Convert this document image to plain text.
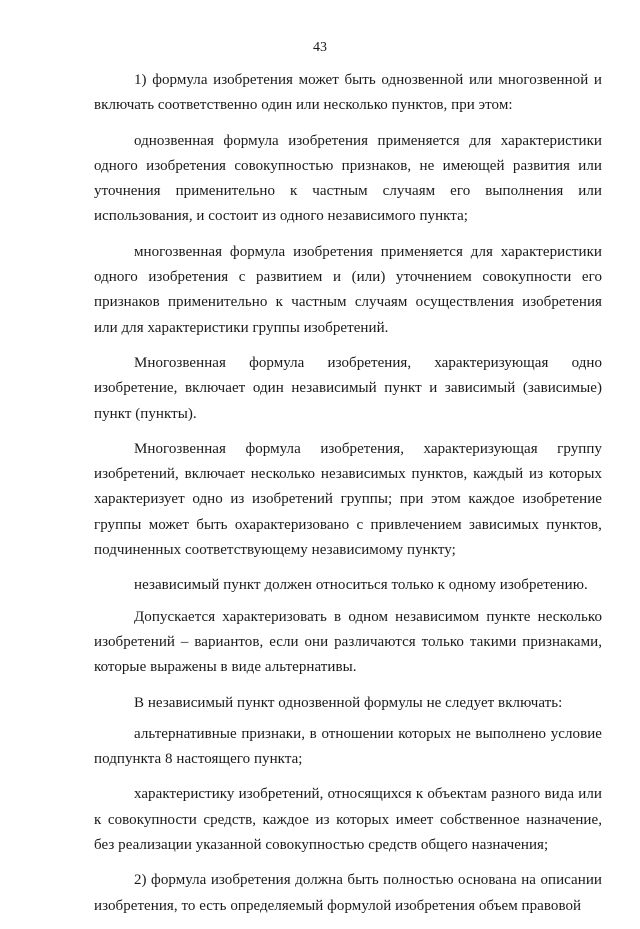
43

1) формула изобретения может быть однозвенной или многозвенной и включать соответственно один или несколько пунктов, при этом:

однозвенная формула изобретения применяется для характеристики одного изобретения совокупностью признаков, не имеющей развития или уточнения применительно к частным случаям его выполнения или использования, и состоит из одного независимого пункта;

многозвенная формула изобретения применяется для характеристики одного изобретения с развитием и (или) уточнением совокупности его признаков применительно к частным случаям осуществления изобретения или для характеристики группы изобретений.

Многозвенная формула изобретения, характеризующая одно изобретение, включает один независимый пункт и зависимый (зависимые) пункт (пункты).

Многозвенная формула изобретения, характеризующая группу изобретений, включает несколько независимых пунктов, каждый из которых характеризует одно из изобретений группы; при этом каждое изобретение группы может быть охарактеризовано с привлечением зависимых пунктов, подчиненных соответствующему независимому пункту;

независимый пункт должен относиться только к одному изобретению.

Допускается характеризовать в одном независимом пункте несколько изобретений – вариантов, если они различаются только такими признаками, которые выражены в виде альтернативы.

В независимый пункт однозвенной формулы не следует включать:

альтернативные признаки, в отношении которых не выполнено условие подпункта 8 настоящего пункта;

характеристику изобретений, относящихся к объектам разного вида или к совокупности средств, каждое из которых имеет собственное назначение, без реализации указанной совокупностью средств общего назначения;

2) формула изобретения должна быть полностью основана на описании изобретения, то есть определяемый формулой изобретения объем правовой
